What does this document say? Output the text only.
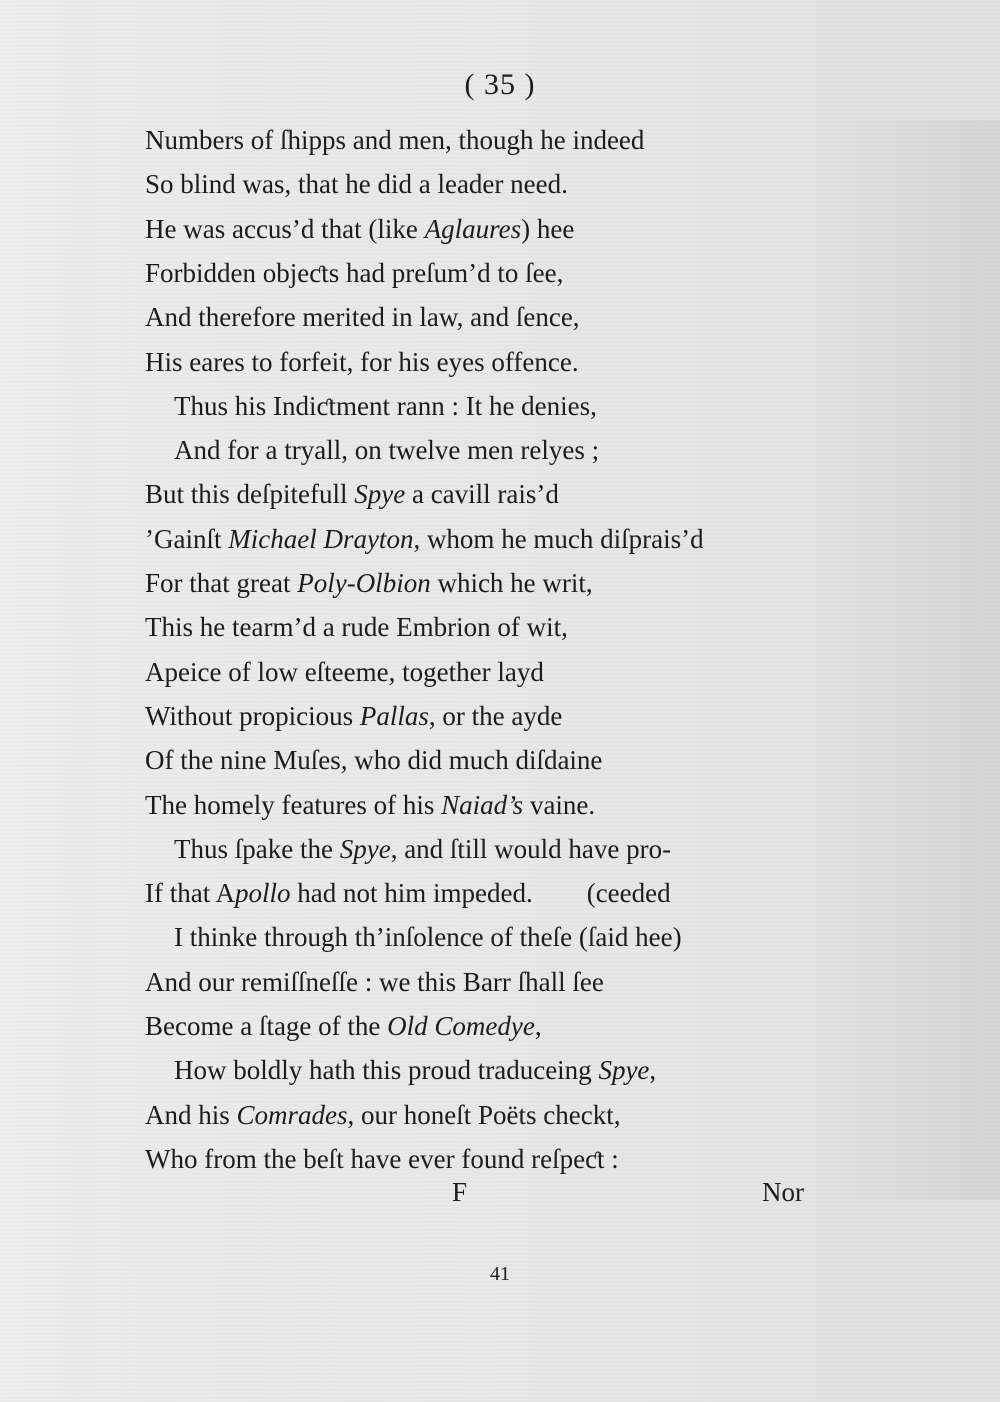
( 35 )
Numbers of ſhipps and men, though he indeed
So blind was, that he did a leader need.
He was accus’d that (like Aglaures) hee
Forbidden objeƈts had preſum’d to ſee,
And therefore merited in law, and ſence,
His eares to forfeit, for his eyes offence.
Thus his Indiƈtment rann : It he denies,
And for a tryall, on twelve men relyes ;
But this deſpitefull Spye a cavill rais’d
’Gainſt Michael Drayton, whom he much diſprais’d
For that great Poly-Olbion which he writ,
This he tearm’d a rude Embrion of wit,
Apeice of low eſteeme, together layd
Without propicious Pallas, or the ayde
Of the nine Muſes, who did much diſdaine
The homely features of his Naiad’s vaine.
Thus ſpake the Spye, and ſtill would have pro-
If that Apollo had not him impeded.        (ceeded
I thinke through th’inſolence of theſe (ſaid hee)
And our remiſſneſſe : we this Barr ſhall ſee
Become a ſtage of the Old Comedye,
How boldly hath this proud traduceing Spye,
And his Comrades, our honeſt Poëts checkt,
Who from the beſt have ever found reſpeƈt :
F	Nor
41
